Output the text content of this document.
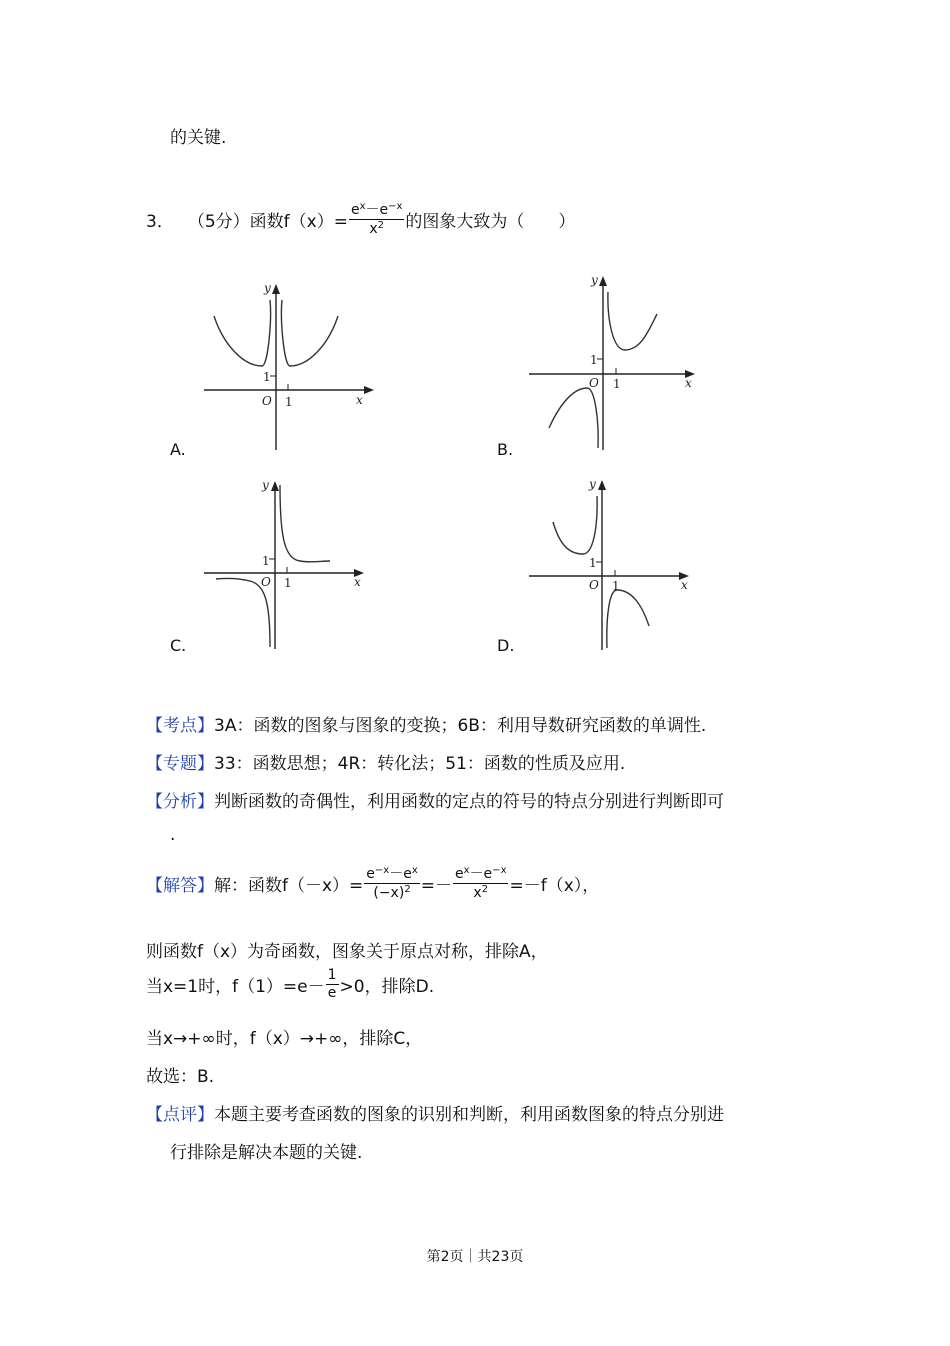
的关键.
3． （5分）函数 $f(x)= \frac{e^x-e^{-x}}{x^2}$ 的图象大致为（　　）
y
x
O 1
1
A.
y
x
O 1
1
B.
y
x
O 1
1
C.
y
x
O 1
1
D.
【考点】3A：函数的图象与图象的变换；6B：利用导数研究函数的单调性.
【专题】33：函数思想；4R：转化法；51：函数的性质及应用.
【分析】判断函数的奇偶性，利用函数的定点的符号的特点分别进行判断即可
.
【解答】 解：函数$f(-x)= \frac{e^{-x}-e^x}{(-x)^2} =- \frac{e^x-e^{-x}}{x^2} =-f(x)$，
则函数f（x）为奇函数，图象关于原点对称，排除A，
当x=1时，$f(1)=e- \frac{1}{e} >0$，排除D.
当x→+∞时，f（x）→+∞，排除C，
故选：B.
【点评】本题主要考查函数的图象的识别和判断，利用函数图象的特点分别进
行排除是解决本题的关键.
第2页｜共23页
